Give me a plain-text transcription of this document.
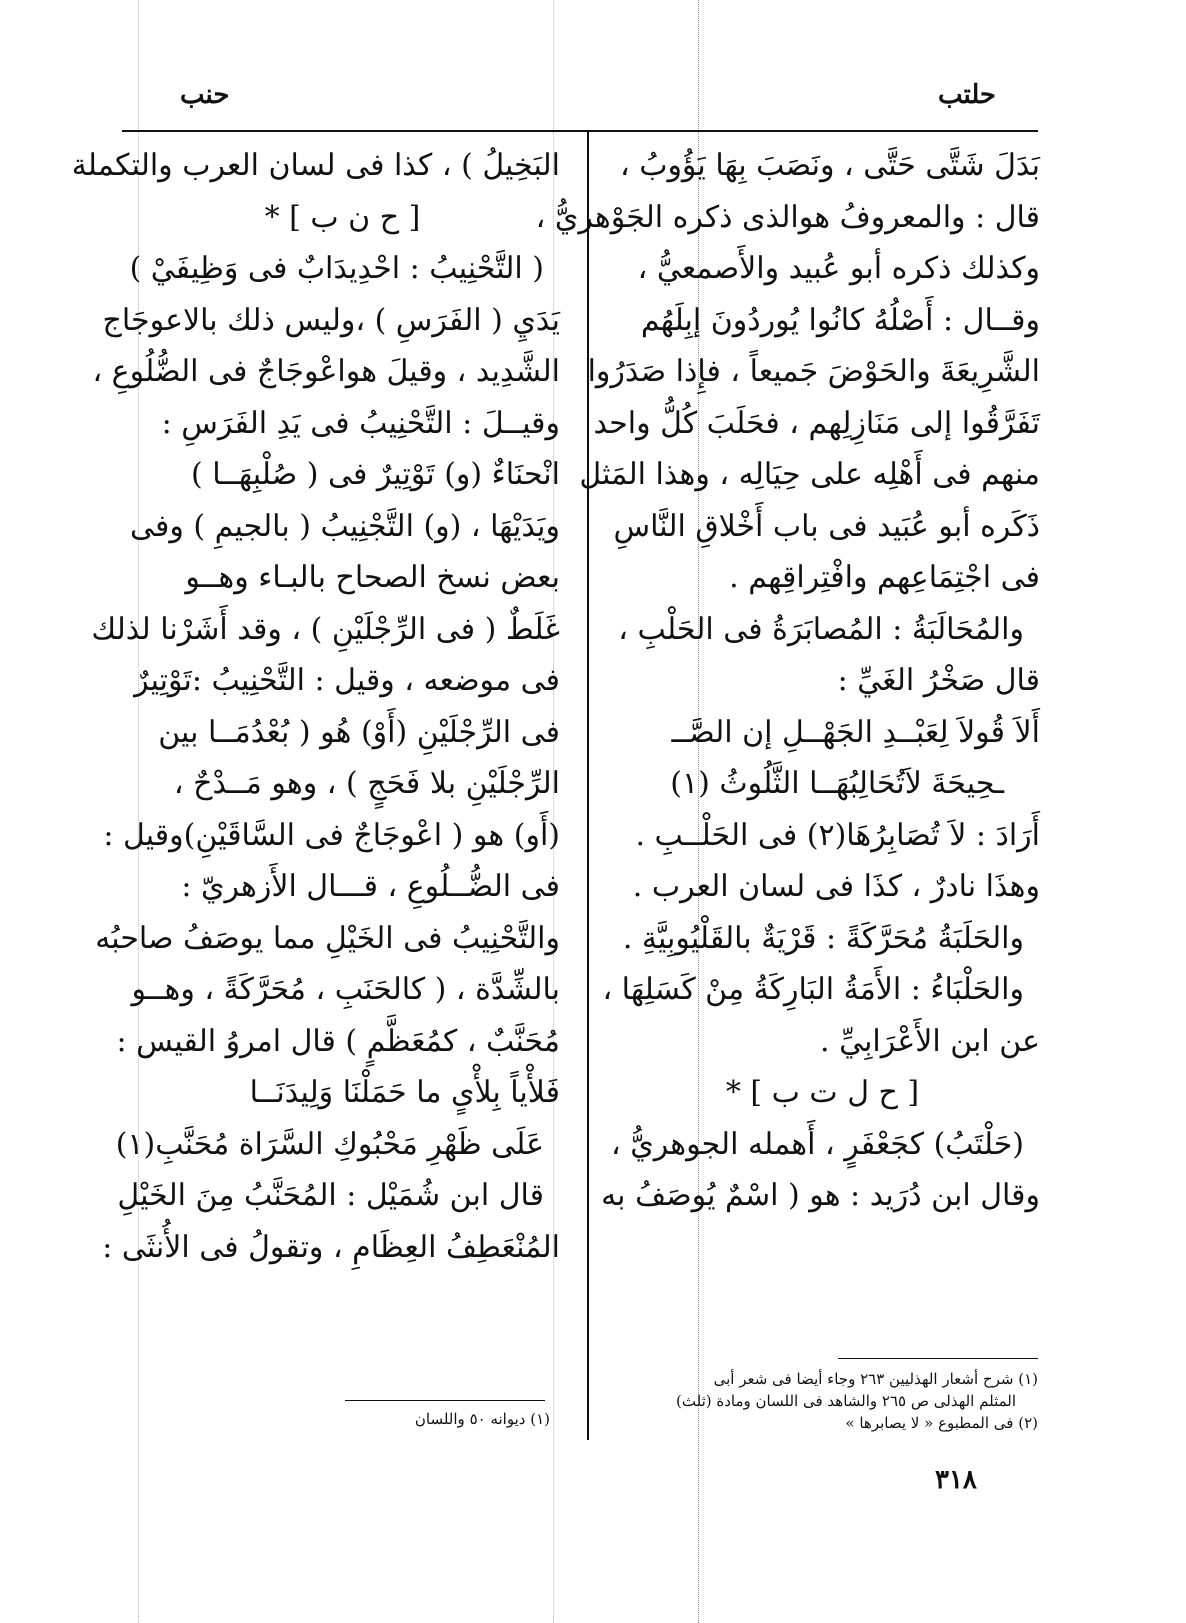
حلتب
حنب
بَدَلَ شَتَّى حَتَّى ، ونَصَبَ بِهَا يَؤُوبُ ،
قال : والمعروفُ هوالذى ذكره الجَوْهريُّ ،
وكذلك ذكره أبو عُبيد والأَصمعيُّ ،
وقــال : أَصْلُهُ كانُوا يُوردُونَ إبِلَهُم
الشَّرِيعَةَ والحَوْضَ جَميعاً ، فإِذا صَدَرُوا
تَفَرَّقُوا إلى مَنَازِلِهم ، فحَلَبَ كُلُّ واحد
منهم فى أَهْلِه على حِيَالِه ، وهذا المَثل
ذَكَره أبو عُبَيد فى باب أَخْلاقِ النَّاسِ
فى اجْتِمَاعِهم وافْتِراقِهم .
والمُحَالَبَةُ : المُصابَرَةُ فى الحَلْبِ ،
قال صَخْرُ الغَيِّ :
أَلاَ قُولاَ لِعَبْــدِ الجَهْــلِ إن الصَّــ
ـحِيحَةَ لاَتُحَالِبُهَــا الثَّلُوثُ (١)
أَرَادَ : لاَ تُصَابِرُهَا(٢) فى الحَلْــبِ .
وهذَا نادرٌ ، كذَا فى لسان العرب .
والحَلَبَةُ مُحَرَّكَةً : قَرْيَةٌ بالقَلْيُوبِيَّةِ .
والحَلْبَاءُ : الأَمَةُ البَارِكَةُ مِنْ كَسَلِهَا ،
عن ابن الأَعْرَابِيِّ .
[ ح ل ت ب ] *
(حَلْتَبُ) كجَعْفَرٍ ، أَهمله الجوهريُّ ،
وقال ابن دُرَيد : هو ( اسْمٌ يُوصَفُ به
البَخِيلُ ) ، كذا فى لسان العرب والتكملة
[ ح ن ب ] *
( التَّحْنِيبُ : احْدِيدَابٌ فى وَظِيفَيْ )
يَدَيِ ( الفَرَسِ ) ،وليس ذلك بالاعوجَاج
الشَّدِيد ، وقيلَ هواعْوجَاجٌ فى الضُّلُوعِ ،
وقيــلَ : التَّحْنِيبُ فى يَدِ الفَرَسِ :
انْحنَاءٌ (و) تَوْتِيرٌ فى ( صُلْبِهَــا )
ويَدَيْهَا ، (و) التَّجْنِيبُ ( بالجيمِ ) وفى
بعض نسخ الصحاح بالبـاء وهــو
غَلَطٌ ( فى الرِّجْلَيْنِ ) ، وقد أَشَرْنا لذلك
فى موضعه ، وقيل : التَّحْنِيبُ :تَوْتِيرٌ
فى الرِّجْلَيْنِ (أَوْ) هُو ( بُعْدُمَــا بين
الرِّجْلَيْنِ بلا فَحَجٍ ) ، وهو مَــدْحٌ ،
(أَو) هو ( اعْوجَاجٌ فى السَّاقَيْنِ)وقيل :
فى الضُّــلُوعِ ، قـــال الأَزهريّ :
والتَّحْنِيبُ فى الخَيْلِ مما يوصَفُ صاحبُه
بالشِّدَّة ، ( كالحَنَبِ ، مُحَرَّكَةً ، وهــو
مُحَنَّبٌ ، كمُعَظَّمٍ ) قال امروُ القيس :
فَلأْياً بِلأْىٍ ما حَمَلْنَا وَلِيدَنَــا
عَلَى ظَهْرِ مَحْبُوكِ السَّرَاة مُحَنَّبِ(١)
قال ابن شُمَيْل : المُحَنَّبُ مِنَ الخَيْلِ
المُنْعَطِفُ العِظَامِ ، وتقولُ فى الأُنثَى :
(١) شرح أشعار الهذليين ٢٦٣ وجاء أيضا فى شعر أبى
المثلم الهذلى ص ٢٦٥ والشاهد فى اللسان ومادة (ثلث)
(٢) فى المطبوع « لا يصابرها »
(١) ديوانه ٥٠ واللسان
٣١٨
